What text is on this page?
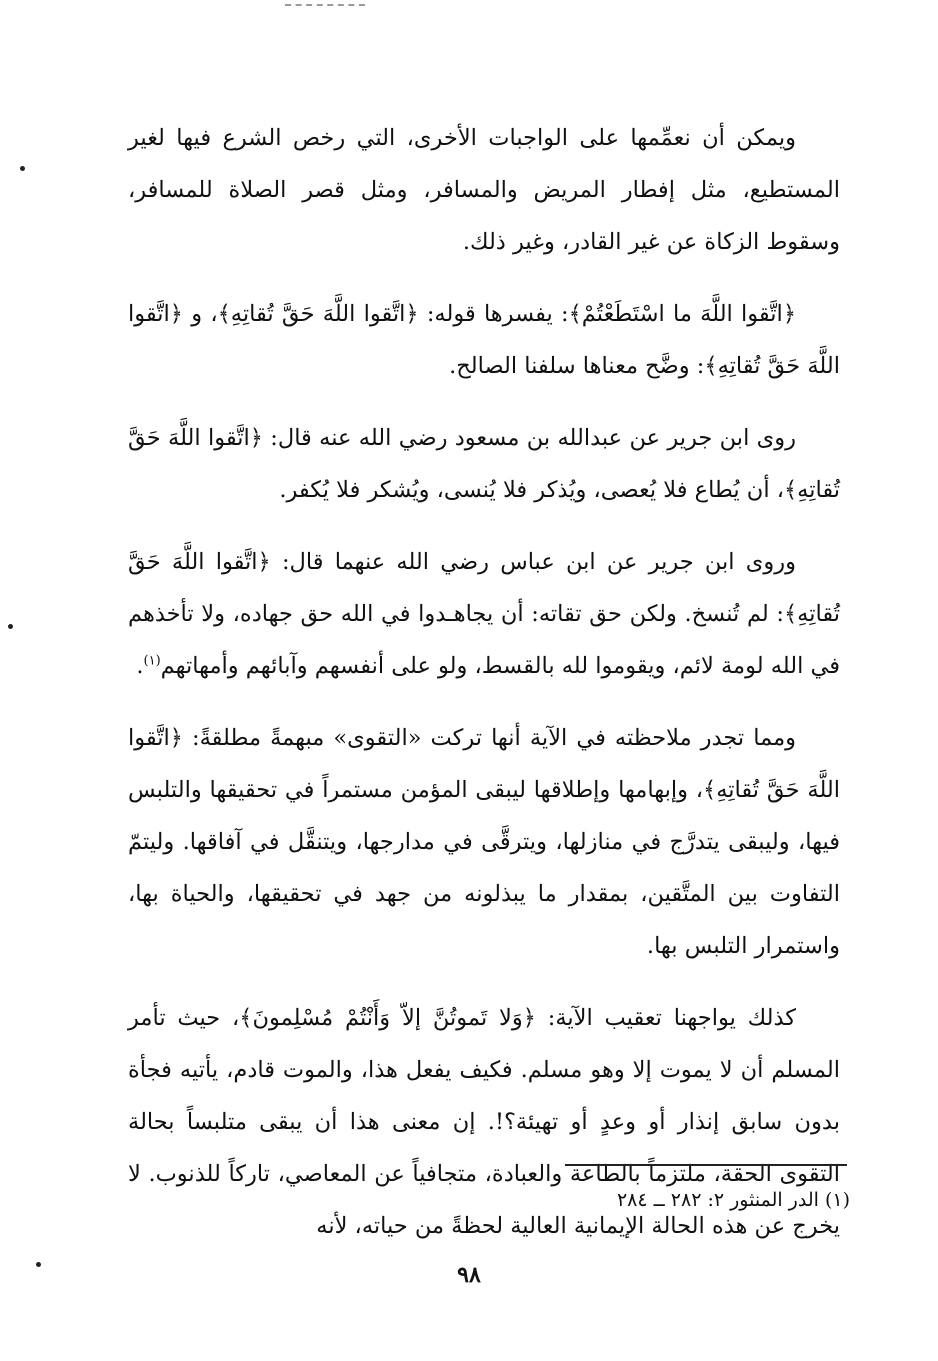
ويمكن أن نعمِّمها على الواجبات الأخرى، التي رخص الشرع فيها لغير المستطيع، مثل إفطار المريض والمسافر، ومثل قصر الصلاة للمسافر، وسقوط الزكاة عن غير القادر، وغير ذلك.

﴿اتَّقوا اللَّهَ ما اسْتَطَعْتُمْ﴾: يفسرها قوله: ﴿اتَّقوا اللَّهَ حَقَّ تُقاتِهِ﴾، و ﴿اتَّقوا اللَّهَ حَقَّ تُقاتِهِ﴾: وضَّح معناها سلفنا الصالح.

روى ابن جرير عن عبدالله بن مسعود رضي الله عنه قال: ﴿اتَّقوا اللَّهَ حَقَّ تُقاتِهِ﴾، أن يُطاع فلا يُعصى، ويُذكر فلا يُنسى، ويُشكر فلا يُكفر.

وروى ابن جرير عن ابن عباس رضي الله عنهما قال: ﴿اتَّقوا اللَّهَ حَقَّ تُقاتِهِ﴾: لم تُنسخ. ولكن حق تقاته: أن يجاهـدوا في الله حق جهاده، ولا تأخذهم في الله لومة لائم، ويقوموا لله بالقسط، ولو على أنفسهم وآبائهم وأمهاتهم$^{(١)}$.

ومما تجدر ملاحظته في الآية أنها تركت «التقوى» مبهمةً مطلقةً: ﴿اتَّقوا اللَّهَ حَقَّ تُقاتِهِ﴾، وإبهامها وإطلاقها ليبقى المؤمن مستمراً في تحقيقها والتلبس فيها، وليبقى يتدرَّج في منازلها، ويترقَّى في مدارجها، ويتنقَّل في آفاقها. وليتمّ التفاوت بين المتَّقين، بمقدار ما يبذلونه من جهد في تحقيقها، والحياة بها، واستمرار التلبس بها.

كذلك يواجهنا تعقيب الآية: ﴿وَلا تَموتُنَّ إلاّ وَأَنْتُمْ مُسْلِمونَ﴾، حيث تأمر المسلم أن لا يموت إلا وهو مسلم. فكيف يفعل هذا، والموت قادم، يأتيه فجأة بدون سابق إنذار أو وعدٍ أو تهيئة؟!. إن معنى هذا أن يبقى متلبساً بحالة التقوى الحقة، ملتزماً بالطاعة والعبادة، متجافياً عن المعاصي، تاركاً للذنوب. لا يخرج عن هذه الحالة الإيمانية العالية لحظةً من حياته، لأنه

(١) الدر المنثور ٢: ٢٨٢ ــ ٢٨٤
٩٨
